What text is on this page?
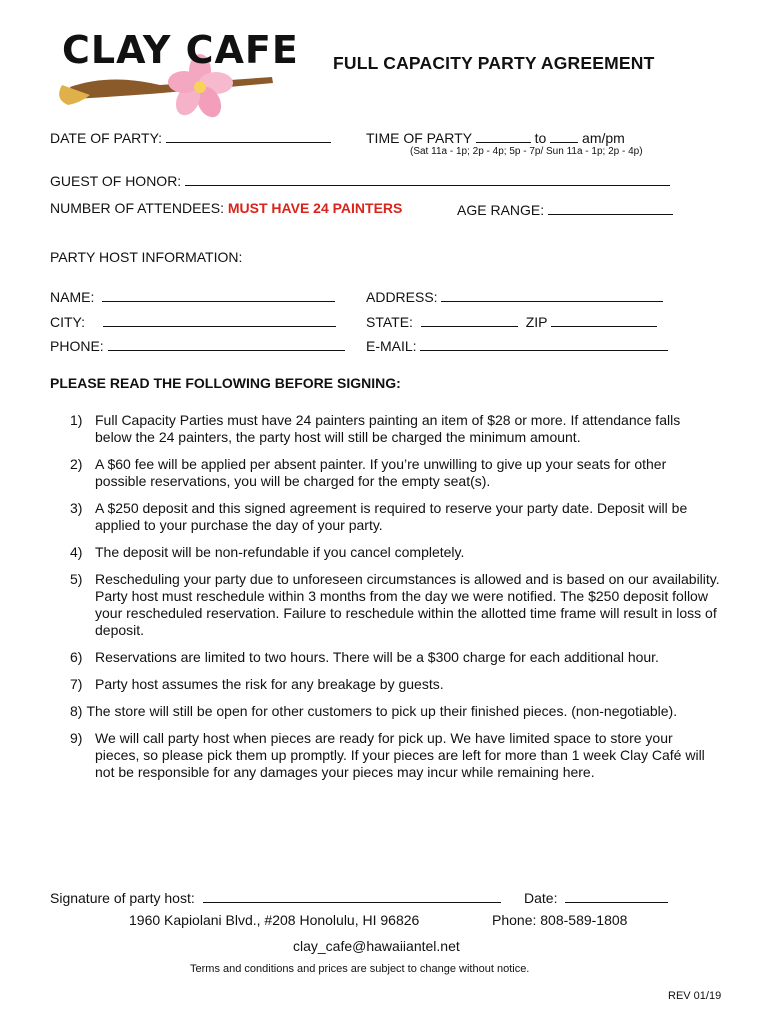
CLAY CAFE FULL CAPACITY PARTY AGREEMENT
DATE OF PARTY:	TIME OF PARTY	to	am/pm
(Sat 11a - 1p; 2p - 4p; 5p - 7p/ Sun 11a - 1p; 2p - 4p)
GUEST OF HONOR:
NUMBER OF ATTENDEES: MUST HAVE 24 PAINTERS	AGE RANGE:
PARTY HOST INFORMATION:
NAME:	ADDRESS:
CITY:	STATE:	ZIP
PHONE:	E-MAIL:
PLEASE READ THE FOLLOWING BEFORE SIGNING:
1) Full Capacity Parties must have 24 painters painting an item of $28 or more. If attendance falls below the 24 painters, the party host will still be charged the minimum amount.
2) A $60 fee will be applied per absent painter. If you’re unwilling to give up your seats for other possible reservations, you will be charged for the empty seat(s).
3) A $250 deposit and this signed agreement is required to reserve your party date. Deposit will be applied to your purchase the day of your party.
4) The deposit will be non-refundable if you cancel completely.
5) Rescheduling your party due to unforeseen circumstances is allowed and is based on our availability. Party host must reschedule within 3 months from the day we were notified. The $250 deposit follow your rescheduled reservation. Failure to reschedule within the allotted time frame will result in loss of deposit.
6) Reservations are limited to two hours. There will be a $300 charge for each additional hour.
7) Party host assumes the risk for any breakage by guests.
8) The store will still be open for other customers to pick up their finished pieces. (non-negotiable).
9) We will call party host when pieces are ready for pick up. We have limited space to store your pieces, so please pick them up promptly. If your pieces are left for more than 1 week Clay Café will not be responsible for any damages your pieces may incur while remaining here.
Signature of party host:	Date:
1960 Kapiolani Blvd., #208 Honolulu, HI 96826	Phone: 808-589-1808
clay_cafe@hawaiiantel.net
Terms and conditions and prices are subject to change without notice.
REV 01/19
